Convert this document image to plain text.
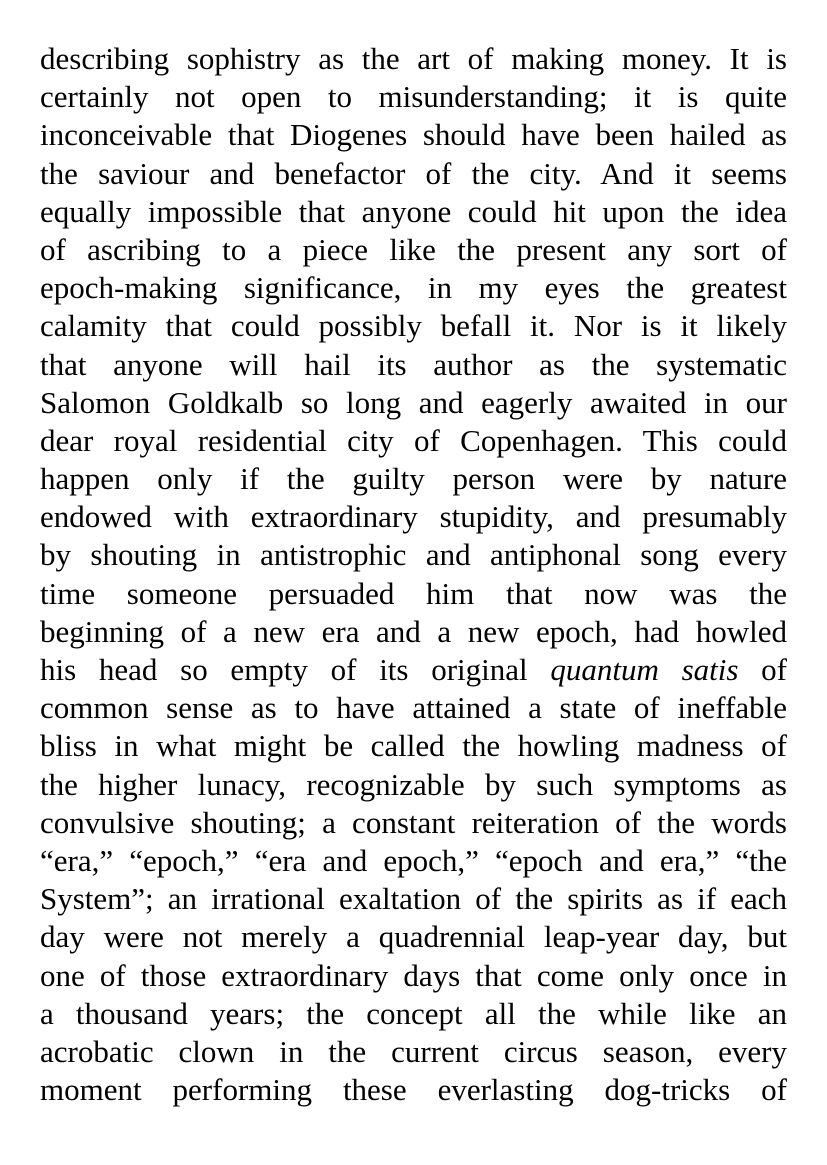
describing sophistry as the art of making money. It is
certainly not open to misunderstanding; it is quite
inconceivable that Diogenes should have been hailed as
the saviour and benefactor of the city. And it seems
equally impossible that anyone could hit upon the idea
of ascribing to a piece like the present any sort of
epoch-making significance, in my eyes the greatest
calamity that could possibly befall it. Nor is it likely
that anyone will hail its author as the systematic
Salomon Goldkalb so long and eagerly awaited in our
dear royal residential city of Copenhagen. This could
happen only if the guilty person were by nature
endowed with extraordinary stupidity, and presumably
by shouting in antistrophic and antiphonal song every
time someone persuaded him that now was the
beginning of a new era and a new epoch, had howled
his head so empty of its original quantum satis of
common sense as to have attained a state of ineffable
bliss in what might be called the howling madness of
the higher lunacy, recognizable by such symptoms as
convulsive shouting; a constant reiteration of the words
“era,” “epoch,” “era and epoch,” “epoch and era,” “the
System”; an irrational exaltation of the spirits as if each
day were not merely a quadrennial leap-year day, but
one of those extraordinary days that come only once in
a thousand years; the concept all the while like an
acrobatic clown in the current circus season, every
moment performing these everlasting dog-tricks of
